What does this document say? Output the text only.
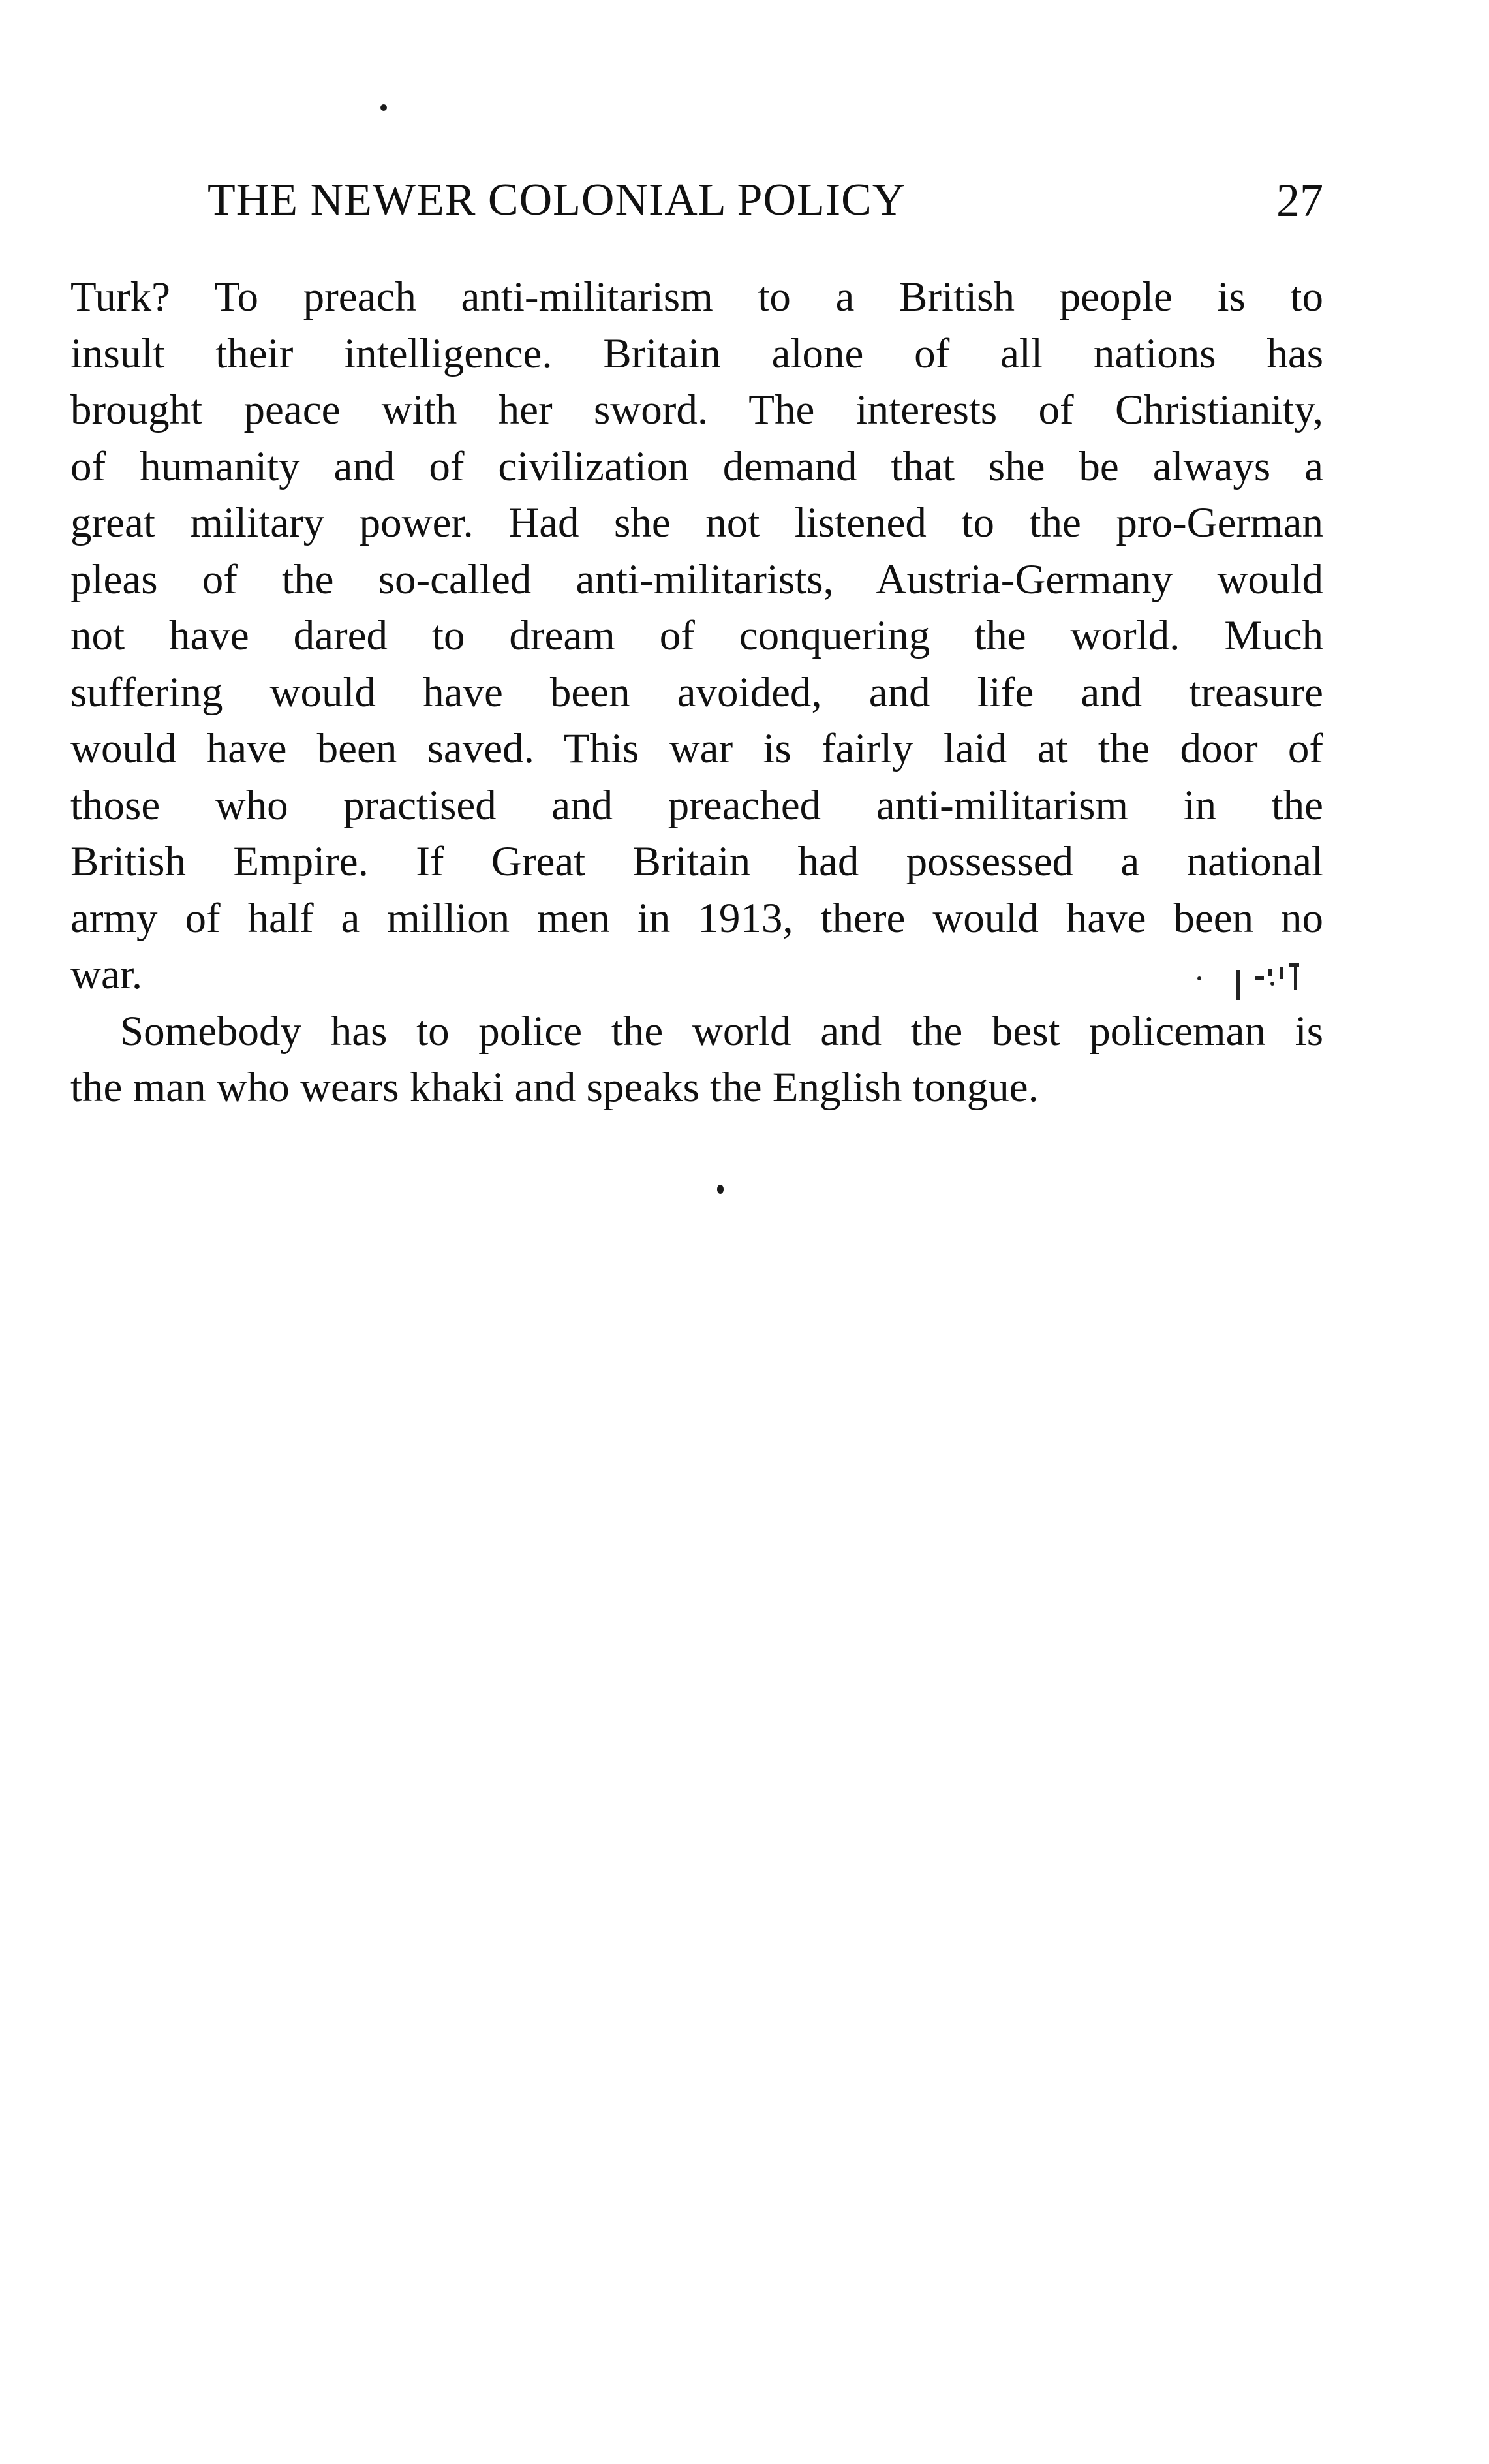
THE NEWER COLONIAL POLICY	27
Turk? To preach anti-militarism to a British people is to
insult their intelligence. Britain alone of all nations has
brought peace with her sword. The interests of Christianity,
of humanity and of civilization demand that she be always a
great military power. Had she not listened to the pro-German
pleas of the so-called anti-militarists, Austria-Germany would
not have dared to dream of conquering the world. Much
suffering would have been avoided, and life and treasure
would have been saved. This war is fairly laid at the door of
those who practised and preached anti-militarism in the
British Empire. If Great Britain had possessed a national
army of half a million men in 1913, there would have been no
war.
Somebody has to police the world and the best policeman is
the man who wears khaki and speaks the English tongue.
